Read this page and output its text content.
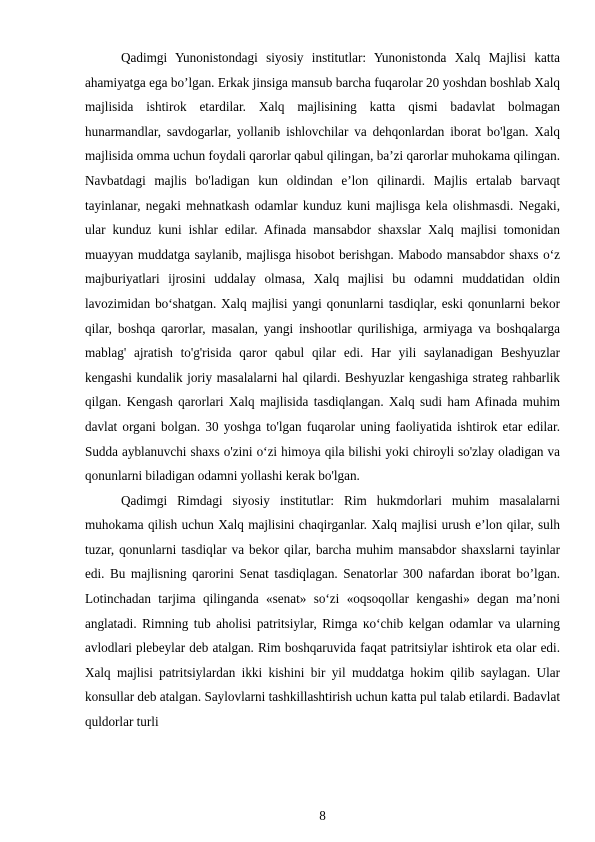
Qadimgi Yunonistondagi siyosiy institutlar: Yunonistonda Xalq Majlisi katta ahamiyatga ega bo’lgan. Erkak jinsiga mansub barcha fuqarolar 20 yoshdan boshlab Xalq majlisida ishtirok etardilar. Xalq majlisining katta qismi badavlat bolmagan hunarmandlar, savdogarlar, yollanib ishlovchilar va dehqonlardan iborat bo'lgan. Xalq majlisida omma uchun foydali qarorlar qabul qilingan, ba’zi qarorlar muhokama qilingan. Navbatdagi majlis bo'ladigan kun oldindan e’lon qilinardi. Majlis ertalab barvaqt tayinlanar, negaki mehnatkash odamlar kunduz kuni majlisga kela olishmasdi. Negaki, ular kunduz kuni ishlar edilar. Afinada mansabdor shaxslar Xalq majlisi tomonidan muayyan muddatga saylanib, majlisga hisobot berishgan. Mabodo mansabdor shaxs o‘z majburiyatlari ijrosini uddalay olmasa, Xalq majlisi bu odamni muddatidan oldin lavozimidan bo‘shatgan. Xalq majlisi yangi qonunlarni tasdiqlar, eski qonunlarni bekor qilar, boshqa qarorlar, masalan, yangi inshootlar qurilishiga, armiyaga va boshqalarga mablag' ajratish to'g'risida qaror qabul qilar edi. Har yili saylanadigan Beshyuzlar kengashi kundalik joriy masalalarni hal qilardi. Beshyuzlar kengashiga strateg rahbarlik qilgan. Kengash qarorlari Xalq majlisida tasdiqlangan. Xalq sudi ham Afinada muhim davlat organi bolgan. 30 yoshga to'lgan fuqarolar uning faoliyatida ishtirok etar edilar. Sudda ayblanuvchi shaxs o'zini o‘zi himoya qila bilishi yoki chiroyli so'zlay oladigan va qonunlarni biladigan odamni yollashi kerak bo'lgan.

Qadimgi Rimdagi siyosiy institutlar: Rim hukmdorlari muhim masalalarni muhokama qilish uchun Xalq majlisini chaqirganlar. Xalq majlisi urush e’lon qilar, sulh tuzar, qonunlarni tasdiqlar va bekor qilar, barcha muhim mansabdor shaxslarni tayinlar edi. Bu majlisning qarorini Senat tasdiqlagan. Senatorlar 300 nafardan iborat bo’lgan. Lotinchadan tarjima qilinganda «senat» so‘zi «oqsoqollar kengashi» degan ma’noni anglatadi. Rimning tub aholisi patritsiylar, Rimga ĸo‘chib kelgan odamlar va ularning avlodlari plebeylar deb atalgan. Rim boshqaruvida faqat patritsiylar ishtirok eta olar edi. Xalq majlisi patritsiylardan ikki kishini bir yil muddatga hokim qilib saylagan. Ular konsullar deb atalgan. Saylovlarni tashkillashtirish uchun katta pul talab etilardi. Badavlat quldorlar turli

8
